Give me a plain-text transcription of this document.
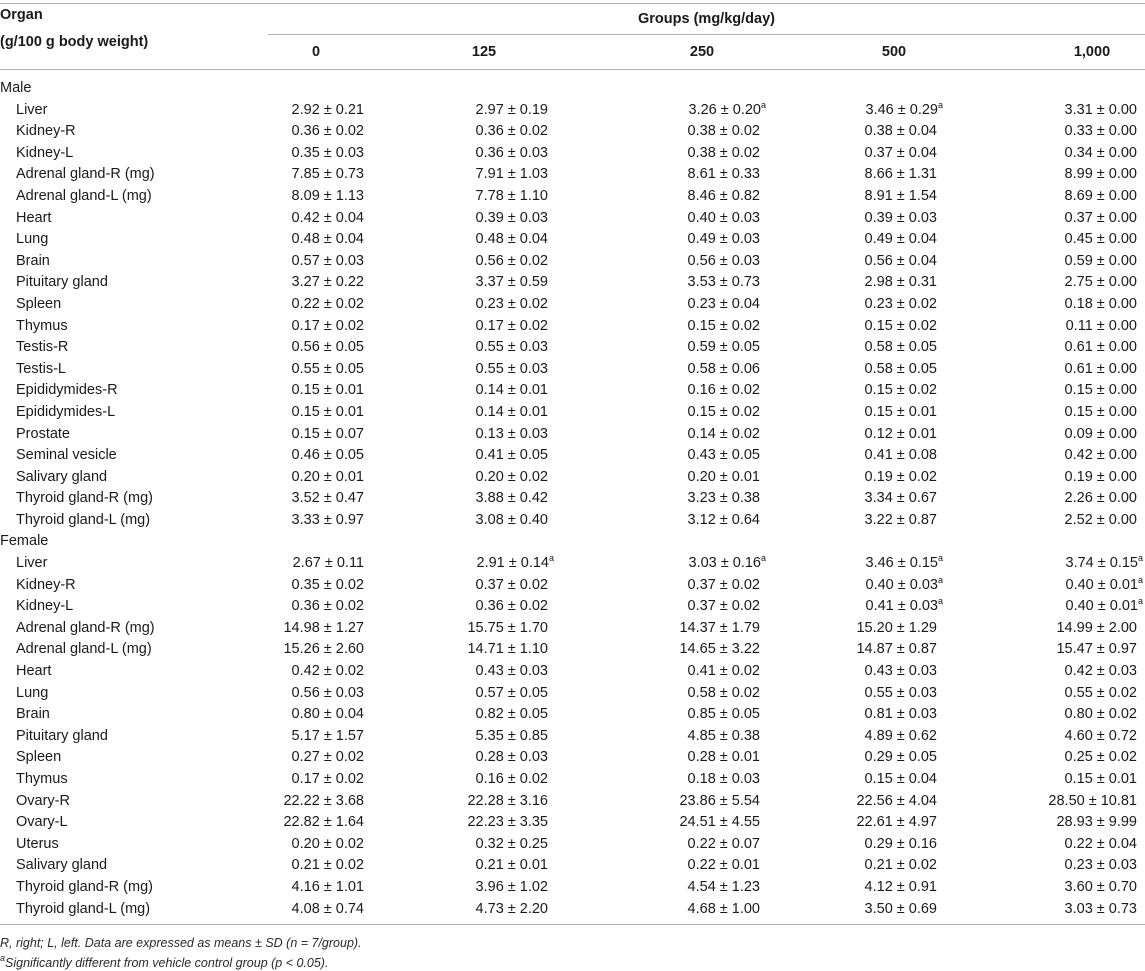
Organ
(g/100 g body weight)
Groups (mg/kg/day)
0	125	250	500	1,000
Male
Liver	2.92 ± 0.21	2.97 ± 0.19	3.26 ± 0.20$^a$	3.46 ± 0.29$^a$	3.31 ± 0.00
Kidney-R	0.36 ± 0.02	0.36 ± 0.02	0.38 ± 0.02	0.38 ± 0.04	0.33 ± 0.00
Kidney-L	0.35 ± 0.03	0.36 ± 0.03	0.38 ± 0.02	0.37 ± 0.04	0.34 ± 0.00
Adrenal gland-R (mg)	7.85 ± 0.73	7.91 ± 1.03	8.61 ± 0.33	8.66 ± 1.31	8.99 ± 0.00
Adrenal gland-L (mg)	8.09 ± 1.13	7.78 ± 1.10	8.46 ± 0.82	8.91 ± 1.54	8.69 ± 0.00
Heart	0.42 ± 0.04	0.39 ± 0.03	0.40 ± 0.03	0.39 ± 0.03	0.37 ± 0.00
Lung	0.48 ± 0.04	0.48 ± 0.04	0.49 ± 0.03	0.49 ± 0.04	0.45 ± 0.00
Brain	0.57 ± 0.03	0.56 ± 0.02	0.56 ± 0.03	0.56 ± 0.04	0.59 ± 0.00
Pituitary gland	3.27 ± 0.22	3.37 ± 0.59	3.53 ± 0.73	2.98 ± 0.31	2.75 ± 0.00
Spleen	0.22 ± 0.02	0.23 ± 0.02	0.23 ± 0.04	0.23 ± 0.02	0.18 ± 0.00
Thymus	0.17 ± 0.02	0.17 ± 0.02	0.15 ± 0.02	0.15 ± 0.02	0.11 ± 0.00
Testis-R	0.56 ± 0.05	0.55 ± 0.03	0.59 ± 0.05	0.58 ± 0.05	0.61 ± 0.00
Testis-L	0.55 ± 0.05	0.55 ± 0.03	0.58 ± 0.06	0.58 ± 0.05	0.61 ± 0.00
Epididymides-R	0.15 ± 0.01	0.14 ± 0.01	0.16 ± 0.02	0.15 ± 0.02	0.15 ± 0.00
Epididymides-L	0.15 ± 0.01	0.14 ± 0.01	0.15 ± 0.02	0.15 ± 0.01	0.15 ± 0.00
Prostate	0.15 ± 0.07	0.13 ± 0.03	0.14 ± 0.02	0.12 ± 0.01	0.09 ± 0.00
Seminal vesicle	0.46 ± 0.05	0.41 ± 0.05	0.43 ± 0.05	0.41 ± 0.08	0.42 ± 0.00
Salivary gland	0.20 ± 0.01	0.20 ± 0.02	0.20 ± 0.01	0.19 ± 0.02	0.19 ± 0.00
Thyroid gland-R (mg)	3.52 ± 0.47	3.88 ± 0.42	3.23 ± 0.38	3.34 ± 0.67	2.26 ± 0.00
Thyroid gland-L (mg)	3.33 ± 0.97	3.08 ± 0.40	3.12 ± 0.64	3.22 ± 0.87	2.52 ± 0.00
Female
Liver	2.67 ± 0.11	2.91 ± 0.14$^a$	3.03 ± 0.16$^a$	3.46 ± 0.15$^a$	3.74 ± 0.15$^a$
Kidney-R	0.35 ± 0.02	0.37 ± 0.02	0.37 ± 0.02	0.40 ± 0.03$^a$	0.40 ± 0.01$^a$
Kidney-L	0.36 ± 0.02	0.36 ± 0.02	0.37 ± 0.02	0.41 ± 0.03$^a$	0.40 ± 0.01$^a$
Adrenal gland-R (mg)	14.98 ± 1.27	15.75 ± 1.70	14.37 ± 1.79	15.20 ± 1.29	14.99 ± 2.00
Adrenal gland-L (mg)	15.26 ± 2.60	14.71 ± 1.10	14.65 ± 3.22	14.87 ± 0.87	15.47 ± 0.97
Heart	0.42 ± 0.02	0.43 ± 0.03	0.41 ± 0.02	0.43 ± 0.03	0.42 ± 0.03
Lung	0.56 ± 0.03	0.57 ± 0.05	0.58 ± 0.02	0.55 ± 0.03	0.55 ± 0.02
Brain	0.80 ± 0.04	0.82 ± 0.05	0.85 ± 0.05	0.81 ± 0.03	0.80 ± 0.02
Pituitary gland	5.17 ± 1.57	5.35 ± 0.85	4.85 ± 0.38	4.89 ± 0.62	4.60 ± 0.72
Spleen	0.27 ± 0.02	0.28 ± 0.03	0.28 ± 0.01	0.29 ± 0.05	0.25 ± 0.02
Thymus	0.17 ± 0.02	0.16 ± 0.02	0.18 ± 0.03	0.15 ± 0.04	0.15 ± 0.01
Ovary-R	22.22 ± 3.68	22.28 ± 3.16	23.86 ± 5.54	22.56 ± 4.04	28.50 ± 10.81
Ovary-L	22.82 ± 1.64	22.23 ± 3.35	24.51 ± 4.55	22.61 ± 4.97	28.93 ± 9.99
Uterus	0.20 ± 0.02	0.32 ± 0.25	0.22 ± 0.07	0.29 ± 0.16	0.22 ± 0.04
Salivary gland	0.21 ± 0.02	0.21 ± 0.01	0.22 ± 0.01	0.21 ± 0.02	0.23 ± 0.03
Thyroid gland-R (mg)	4.16 ± 1.01	3.96 ± 1.02	4.54 ± 1.23	4.12 ± 0.91	3.60 ± 0.70
Thyroid gland-L (mg)	4.08 ± 0.74	4.73 ± 2.20	4.68 ± 1.00	3.50 ± 0.69	3.03 ± 0.73
R, right; L, left. Data are expressed as means ± SD (n = 7/group).
$^a$Significantly different from vehicle control group (p < 0.05).
